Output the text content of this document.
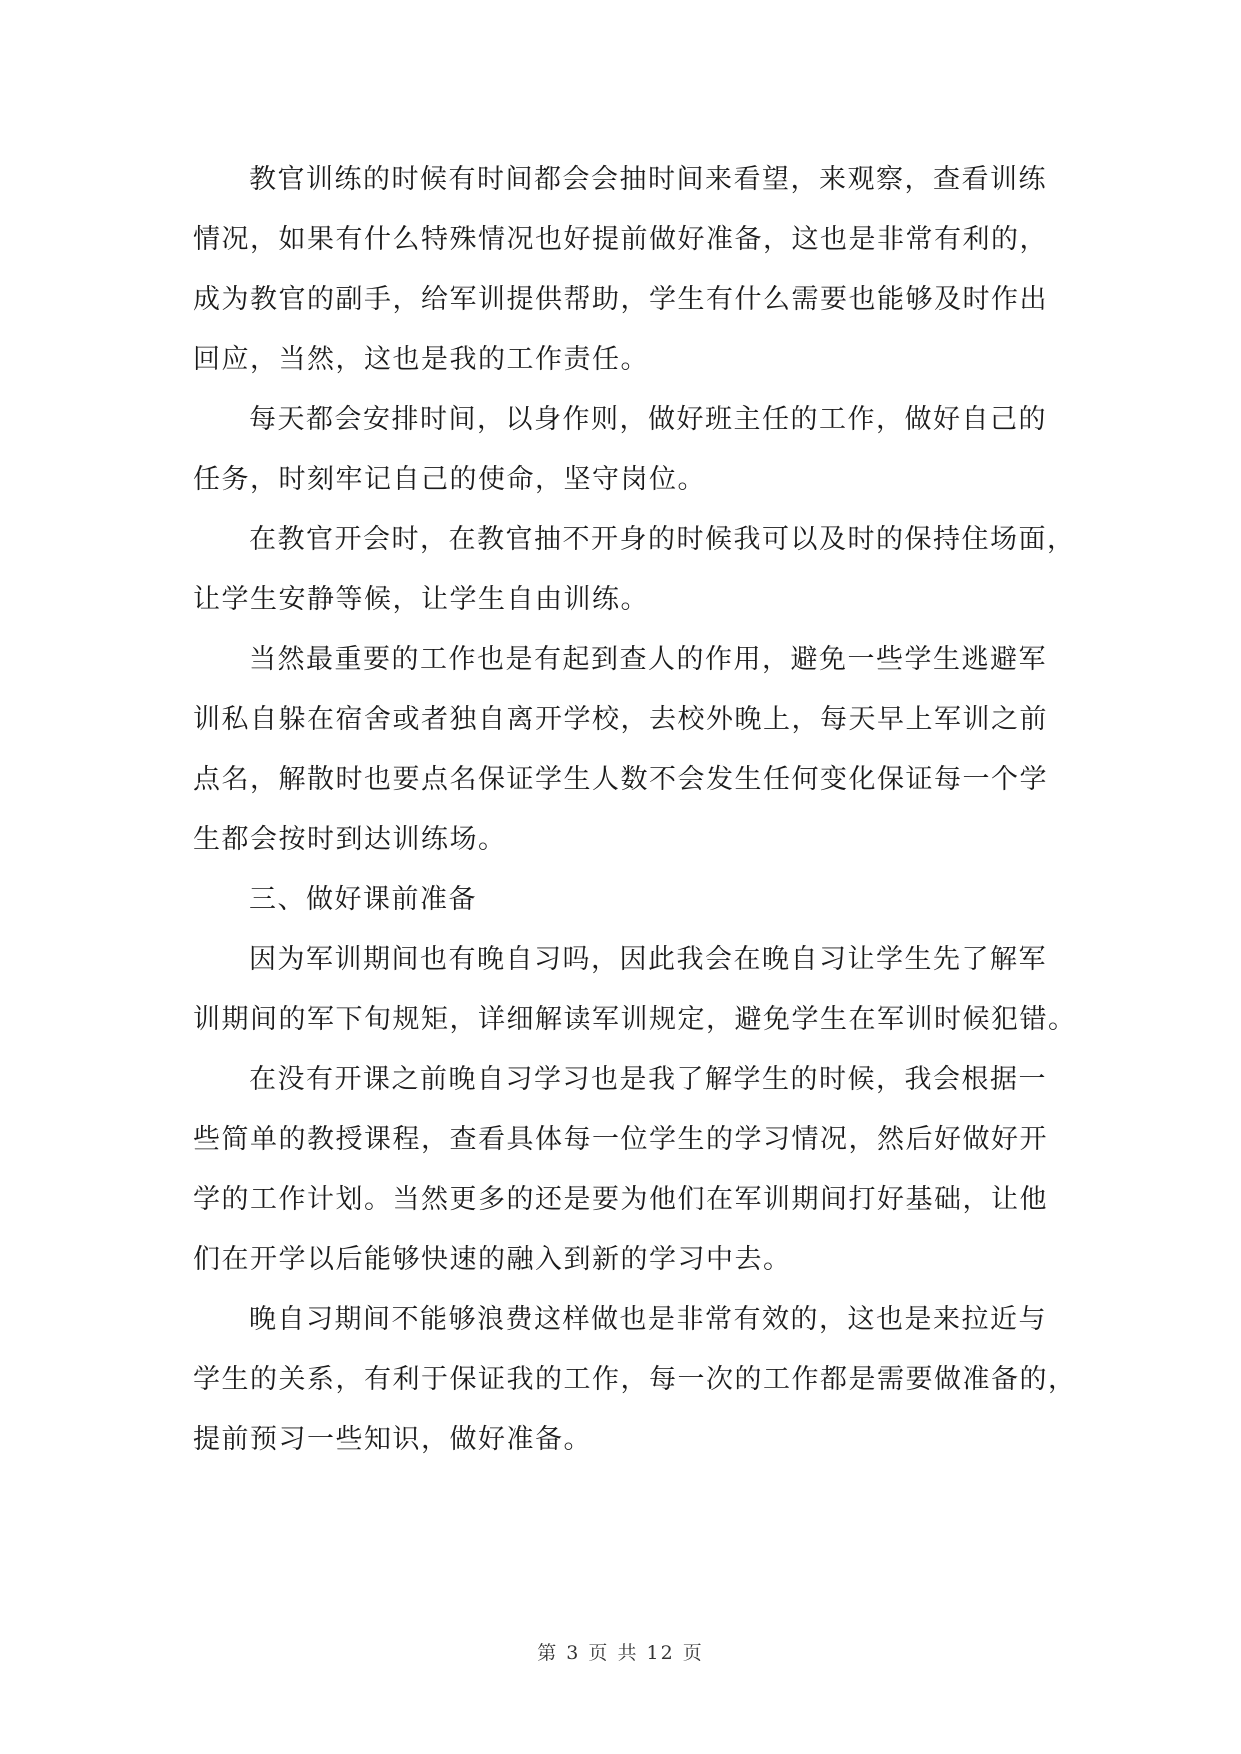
教官训练的时候有时间都会会抽时间来看望，来观察，查看训练
情况，如果有什么特殊情况也好提前做好准备，这也是非常有利的，
成为教官的副手，给军训提供帮助，学生有什么需要也能够及时作出
回应，当然，这也是我的工作责任。
每天都会安排时间，以身作则，做好班主任的工作，做好自己的
任务，时刻牢记自己的使命，坚守岗位。
在教官开会时，在教官抽不开身的时候我可以及时的保持住场面，
让学生安静等候，让学生自由训练。
当然最重要的工作也是有起到查人的作用，避免一些学生逃避军
训私自躲在宿舍或者独自离开学校，去校外晚上，每天早上军训之前
点名，解散时也要点名保证学生人数不会发生任何变化保证每一个学
生都会按时到达训练场。
三、做好课前准备
因为军训期间也有晚自习吗，因此我会在晚自习让学生先了解军
训期间的军下旬规矩，详细解读军训规定，避免学生在军训时候犯错。
在没有开课之前晚自习学习也是我了解学生的时候，我会根据一
些简单的教授课程，查看具体每一位学生的学习情况，然后好做好开
学的工作计划。当然更多的还是要为他们在军训期间打好基础，让他
们在开学以后能够快速的融入到新的学习中去。
晚自习期间不能够浪费这样做也是非常有效的，这也是来拉近与
学生的关系，有利于保证我的工作，每一次的工作都是需要做准备的，
提前预习一些知识，做好准备。
第 3 页 共 12 页
